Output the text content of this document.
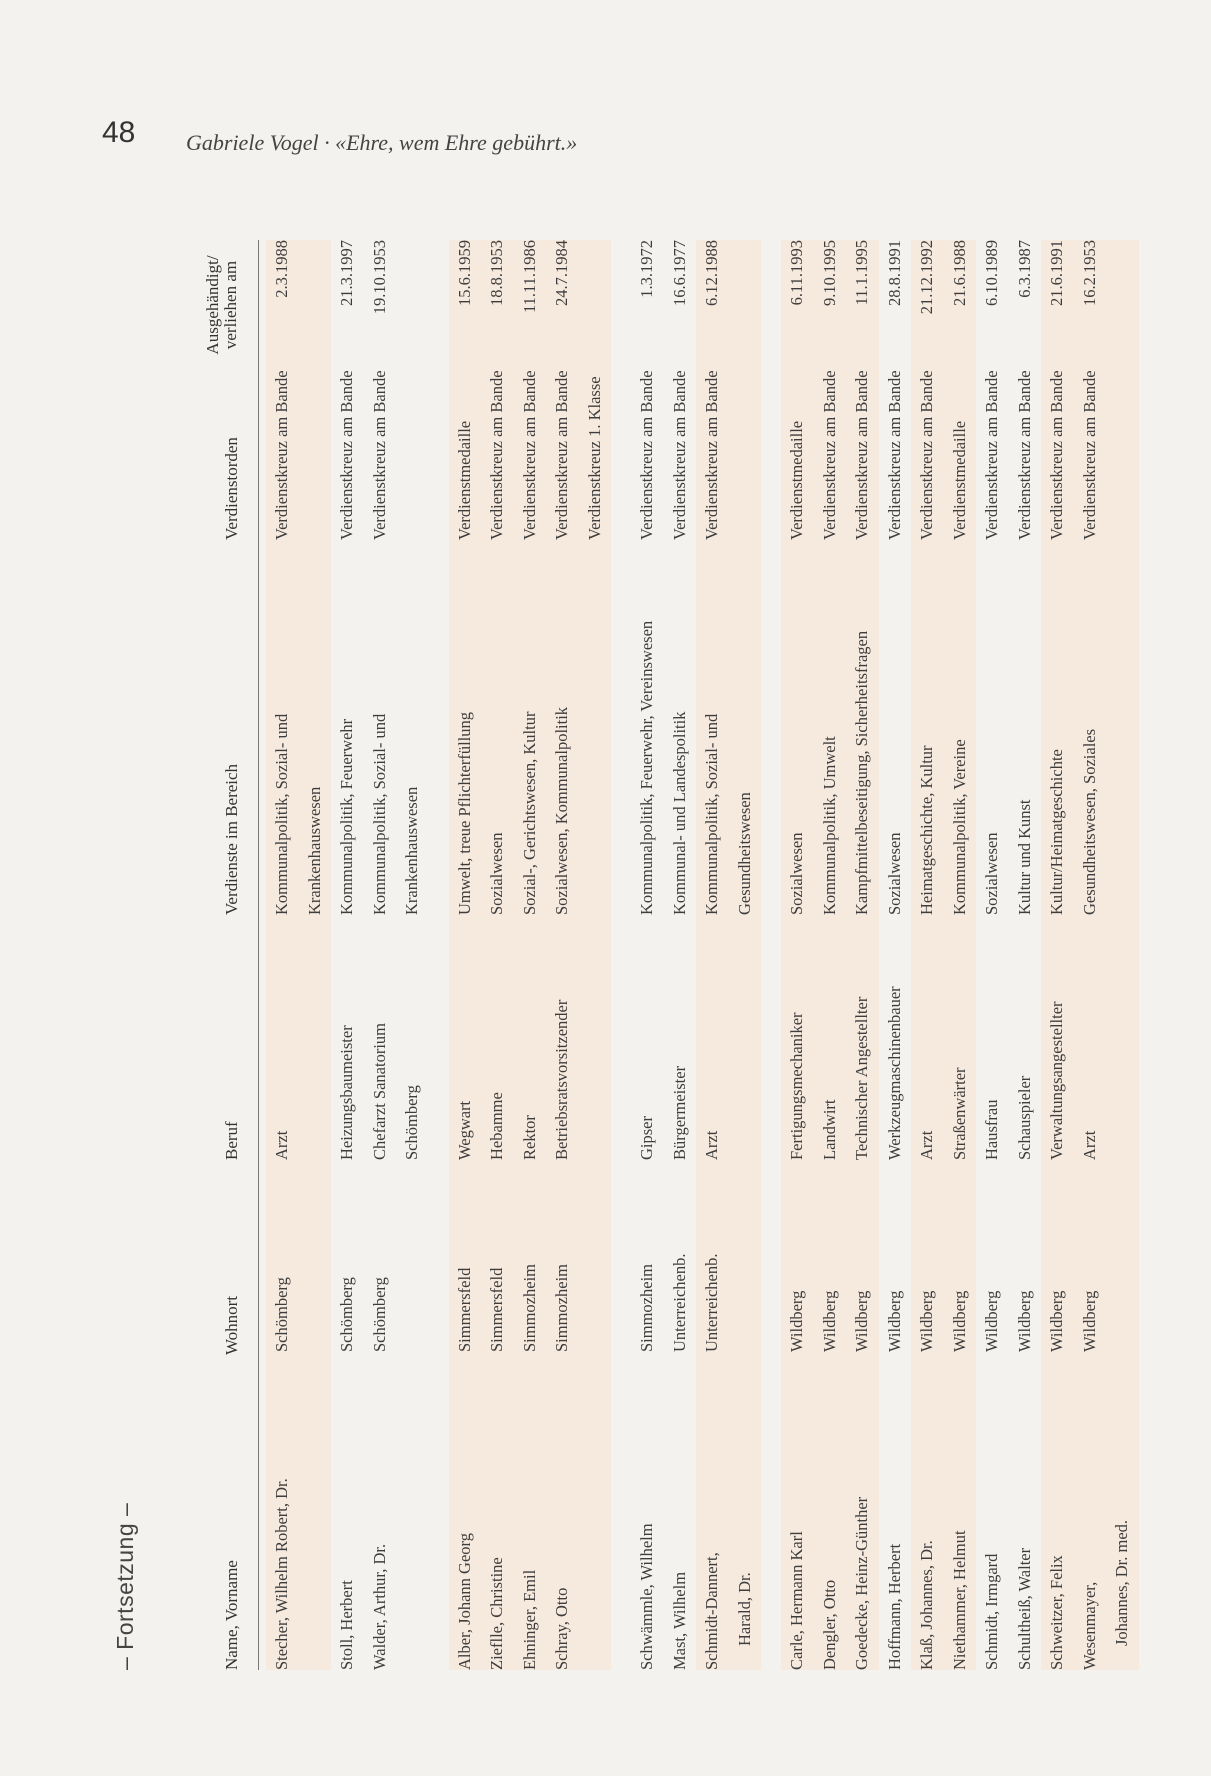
48 Gabriele Vogel · «Ehre, wem Ehre gebührt.»
– Fortsetzung –	Name, Vorname
Wohnort
Beruf
Verdienste im Bereich
Verdienstorden
Ausgehändigt/ verliehen am
Stecher, Wilhelm Robert, Dr.
Schömberg
Arzt
Kommunalpolitik, Sozial- und Krankenhauswesen
Verdienstkreuz am Bande
2.3.1988
Stoll, Herbert
Schömberg
Heizungsbaumeister
Kommunalpolitik, Feuerwehr
Verdienstkreuz am Bande
21.3.1997
Walder, Arthur, Dr.
Schömberg
Chefarzt Sanatorium Schömberg
Kommunalpolitik, Sozial- und Krankenhauswesen
Verdienstkreuz am Bande
19.10.1953
Alber, Johann Georg
Simmersfeld
Wegwart
Umwelt, treue Pflichterfüllung
Verdienstmedaille
15.6.1959
Zieflle, Christine
Simmersfeld
Hebamme
Sozialwesen
Verdienstkreuz am Bande
18.8.1953
Ehninger, Emil
Simmozheim
Rektor
Sozial-, Gerichtswesen, Kultur
Verdienstkreuz am Bande
11.11.1986
Schray, Otto
Simmozheim
Betriebsratsvorsitzender
Sozialwesen, Kommunalpolitik
Verdienstkreuz am Bande Verdienstkreuz 1. Klasse
24.7.1984
Schwämmle, Wilhelm
Simmozheim
Gipser
Kommunalpolitik, Feuerwehr, Vereinswesen
Verdienstkreuz am Bande
1.3.1972
Mast, Wilhelm
Unterreichenb.
Bürgermeister
Kommunal- und Landespolitik
Verdienstkreuz am Bande
16.6.1977
Schmidt-Dannert, Harald, Dr.
Unterreichenb.
Arzt
Kommunalpolitik, Sozial- und Gesundheitswesen
Verdienstkreuz am Bande
6.12.1988
Carle, Hermann Karl
Wildberg
Fertigungsmechaniker
Sozialwesen
Verdienstmedaille
6.11.1993
Dengler, Otto
Wildberg
Landwirt
Kommunalpolitik, Umwelt
Verdienstkreuz am Bande
9.10.1995
Goedecke, Heinz-Günther
Wildberg
Technischer Angestellter
Kampfmittelbeseitigung, Sicherheitsfragen
Verdienstkreuz am Bande
11.1.1995
Hoffmann, Herbert
Wildberg
Werkzeugmaschinenbauer
Sozialwesen
Verdienstkreuz am Bande
28.8.1991
Klaß, Johannes, Dr.
Wildberg
Arzt
Heimatgeschichte, Kultur
Verdienstkreuz am Bande
21.12.1992
Niethammer, Helmut
Wildberg
Straßenwärter
Kommunalpolitik, Vereine
Verdienstmedaille
21.6.1988
Schmidt, Irmgard
Wildberg
Hausfrau
Sozialwesen
Verdienstkreuz am Bande
6.10.1989
Schultheiß, Walter
Wildberg
Schauspieler
Kultur und Kunst
Verdienstkreuz am Bande
6.3.1987
Schweitzer, Felix
Wildberg
Verwaltungsangestellter
Kultur/Heimatgeschichte
Verdienstkreuz am Bande
21.6.1991
Wesenmayer, Johannes, Dr. med.
Wildberg
Arzt
Gesundheitswesen, Soziales
Verdienstkreuz am Bande
16.2.1953
